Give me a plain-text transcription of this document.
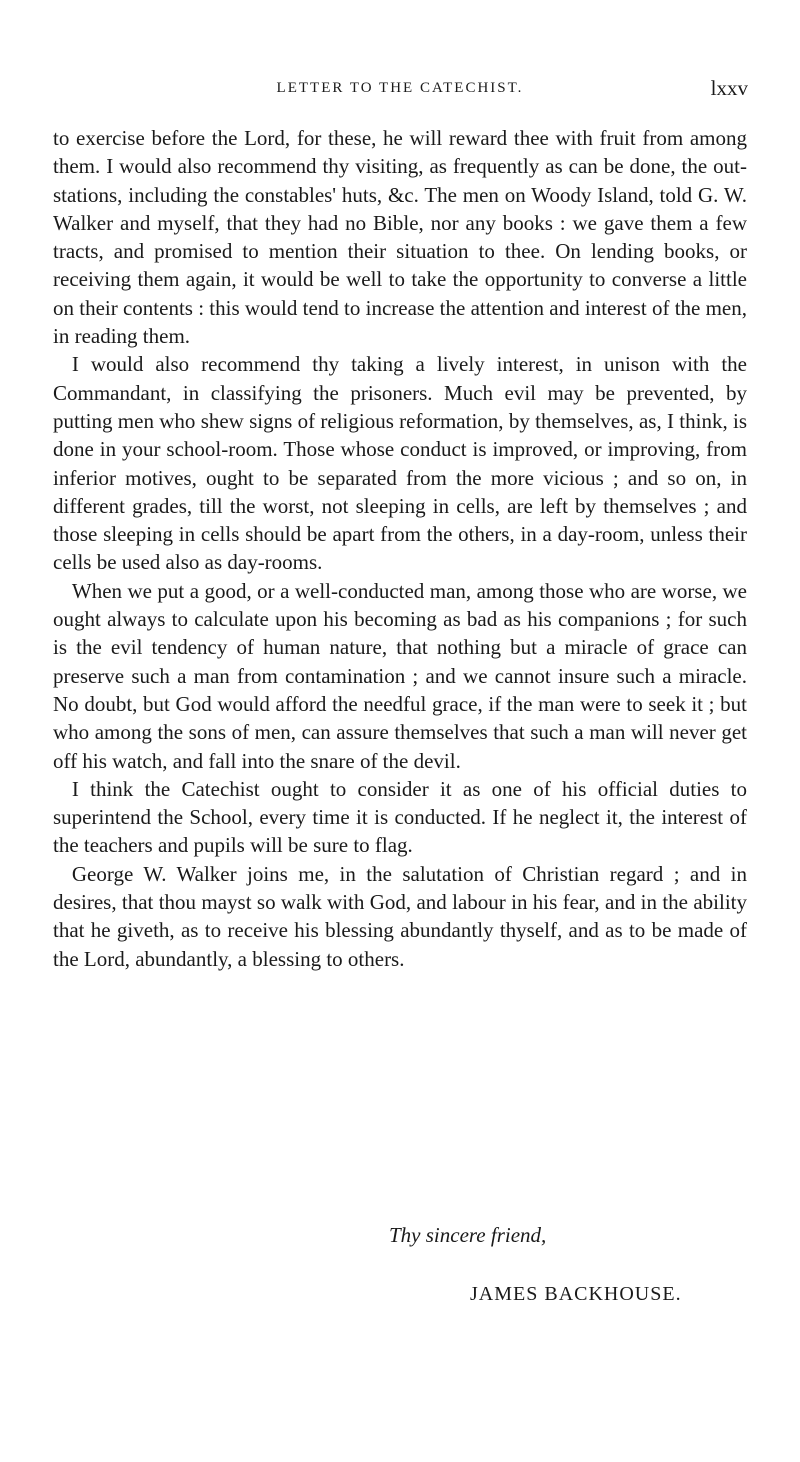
LETTER TO THE CATECHIST.	lxxv

to exercise before the Lord, for these, he will reward thee with fruit from among them. I would also recommend thy visiting, as frequently as can be done, the out-stations, including the constables' huts, &c. The men on Woody Island, told G. W. Walker and myself, that they had no Bible, nor any books : we gave them a few tracts, and promised to mention their situation to thee. On lending books, or receiving them again, it would be well to take the opportunity to converse a little on their contents : this would tend to increase the attention and interest of the men, in reading them.

I would also recommend thy taking a lively interest, in unison with the Commandant, in classifying the prisoners. Much evil may be prevented, by putting men who shew signs of religious reformation, by themselves, as, I think, is done in your school-room. Those whose conduct is improved, or improving, from inferior motives, ought to be separated from the more vicious ; and so on, in different grades, till the worst, not sleeping in cells, are left by themselves ; and those sleeping in cells should be apart from the others, in a day-room, unless their cells be used also as day-rooms.

When we put a good, or a well-conducted man, among those who are worse, we ought always to calculate upon his becoming as bad as his companions ; for such is the evil tendency of human nature, that nothing but a miracle of grace can preserve such a man from contamination ; and we cannot insure such a miracle. No doubt, but God would afford the needful grace, if the man were to seek it ; but who among the sons of men, can assure themselves that such a man will never get off his watch, and fall into the snare of the devil.

I think the Catechist ought to consider it as one of his official duties to superintend the School, every time it is conducted. If he neglect it, the interest of the teachers and pupils will be sure to flag.

George W. Walker joins me, in the salutation of Christian regard ; and in desires, that thou mayst so walk with God, and labour in his fear, and in the ability that he giveth, as to receive his blessing abundantly thyself, and as to be made of the Lord, abundantly, a blessing to others.

Thy sincere friend,
JAMES BACKHOUSE.
